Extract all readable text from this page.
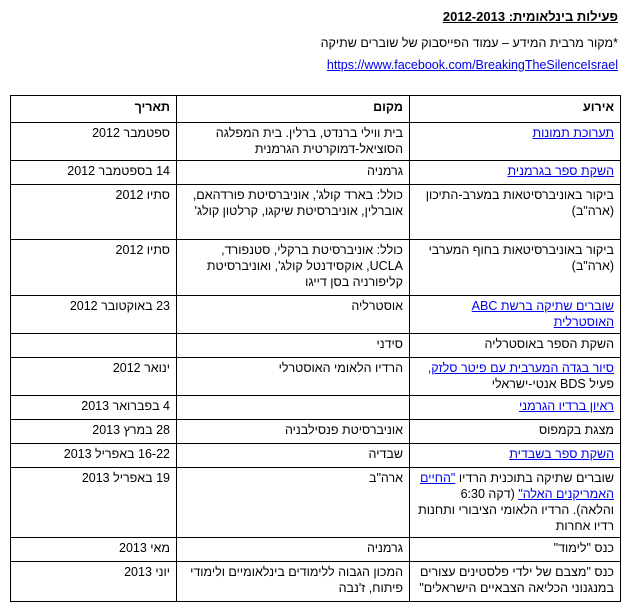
פעילות בינלאומית: 2012-2013
*מקור מרבית המידע – עמוד הפייסבוק של שוברים שתיקה
https://www.facebook.com/BreakingTheSilenceIsrael
אירוע	מקום	תאריך
תערוכת תמונות	בית ווילי ברנדט, ברלין. בית המפלגה הסוציאל-דמוקרטית הגרמנית	ספטמבר 2012
השקת ספר בגרמנית	גרמניה	14 בספטמבר 2012
ביקור באוניברסיטאות במערב-התיכון (ארה"ב)	כולל: בארד קולג', אוניברסיטת פורדהאם, אוברלין, אוניברסיטת שיקגו, קרלטון קולג'	סתיו 2012
ביקור באוניברסיטאות בחוף המערבי (ארה"ב)	כולל: אוניברסיטת ברקלי, סטנפורד, UCLA, אוקסידנטל קולג', ואוניברסיטת קליפורניה בסן דייגו	סתיו 2012
שוברים שתיקה ברשת ABC האוסטרלית	אוסטרליה	23 באוקטובר 2012
השקת הספר באוסטרליה	סידני	
סיור בגדה המערבית עם פיטר סלזק, פעיל BDS אנטי-ישראלי	הרדיו הלאומי האוסטרלי	ינואר 2012
ראיון ברדיו הגרמני		4 בפברואר 2013
מצגת בקמפוס	אוניברסיטת פנסילבניה	28 במרץ 2013
השקת ספר בשבדית	שבדיה	16-22 באפריל 2013
שוברים שתיקה בתוכנית הרדיו "החיים האמריקנים האלה" (דקה 6:30 והלאה). הרדיו הלאומי הציבורי ותחנות רדיו אחרות	ארה"ב	19 באפריל 2013
כנס "לימוד"	גרמניה	מאי 2013
כנס "מצבם של ילדי פלסטינים עצורים במנגנוני הכליאה הצבאיים הישראלים"	המכון הגבוה ללימודים בינלאומיים ולימודי פיתוח, ז'נבה	יוני 2013
